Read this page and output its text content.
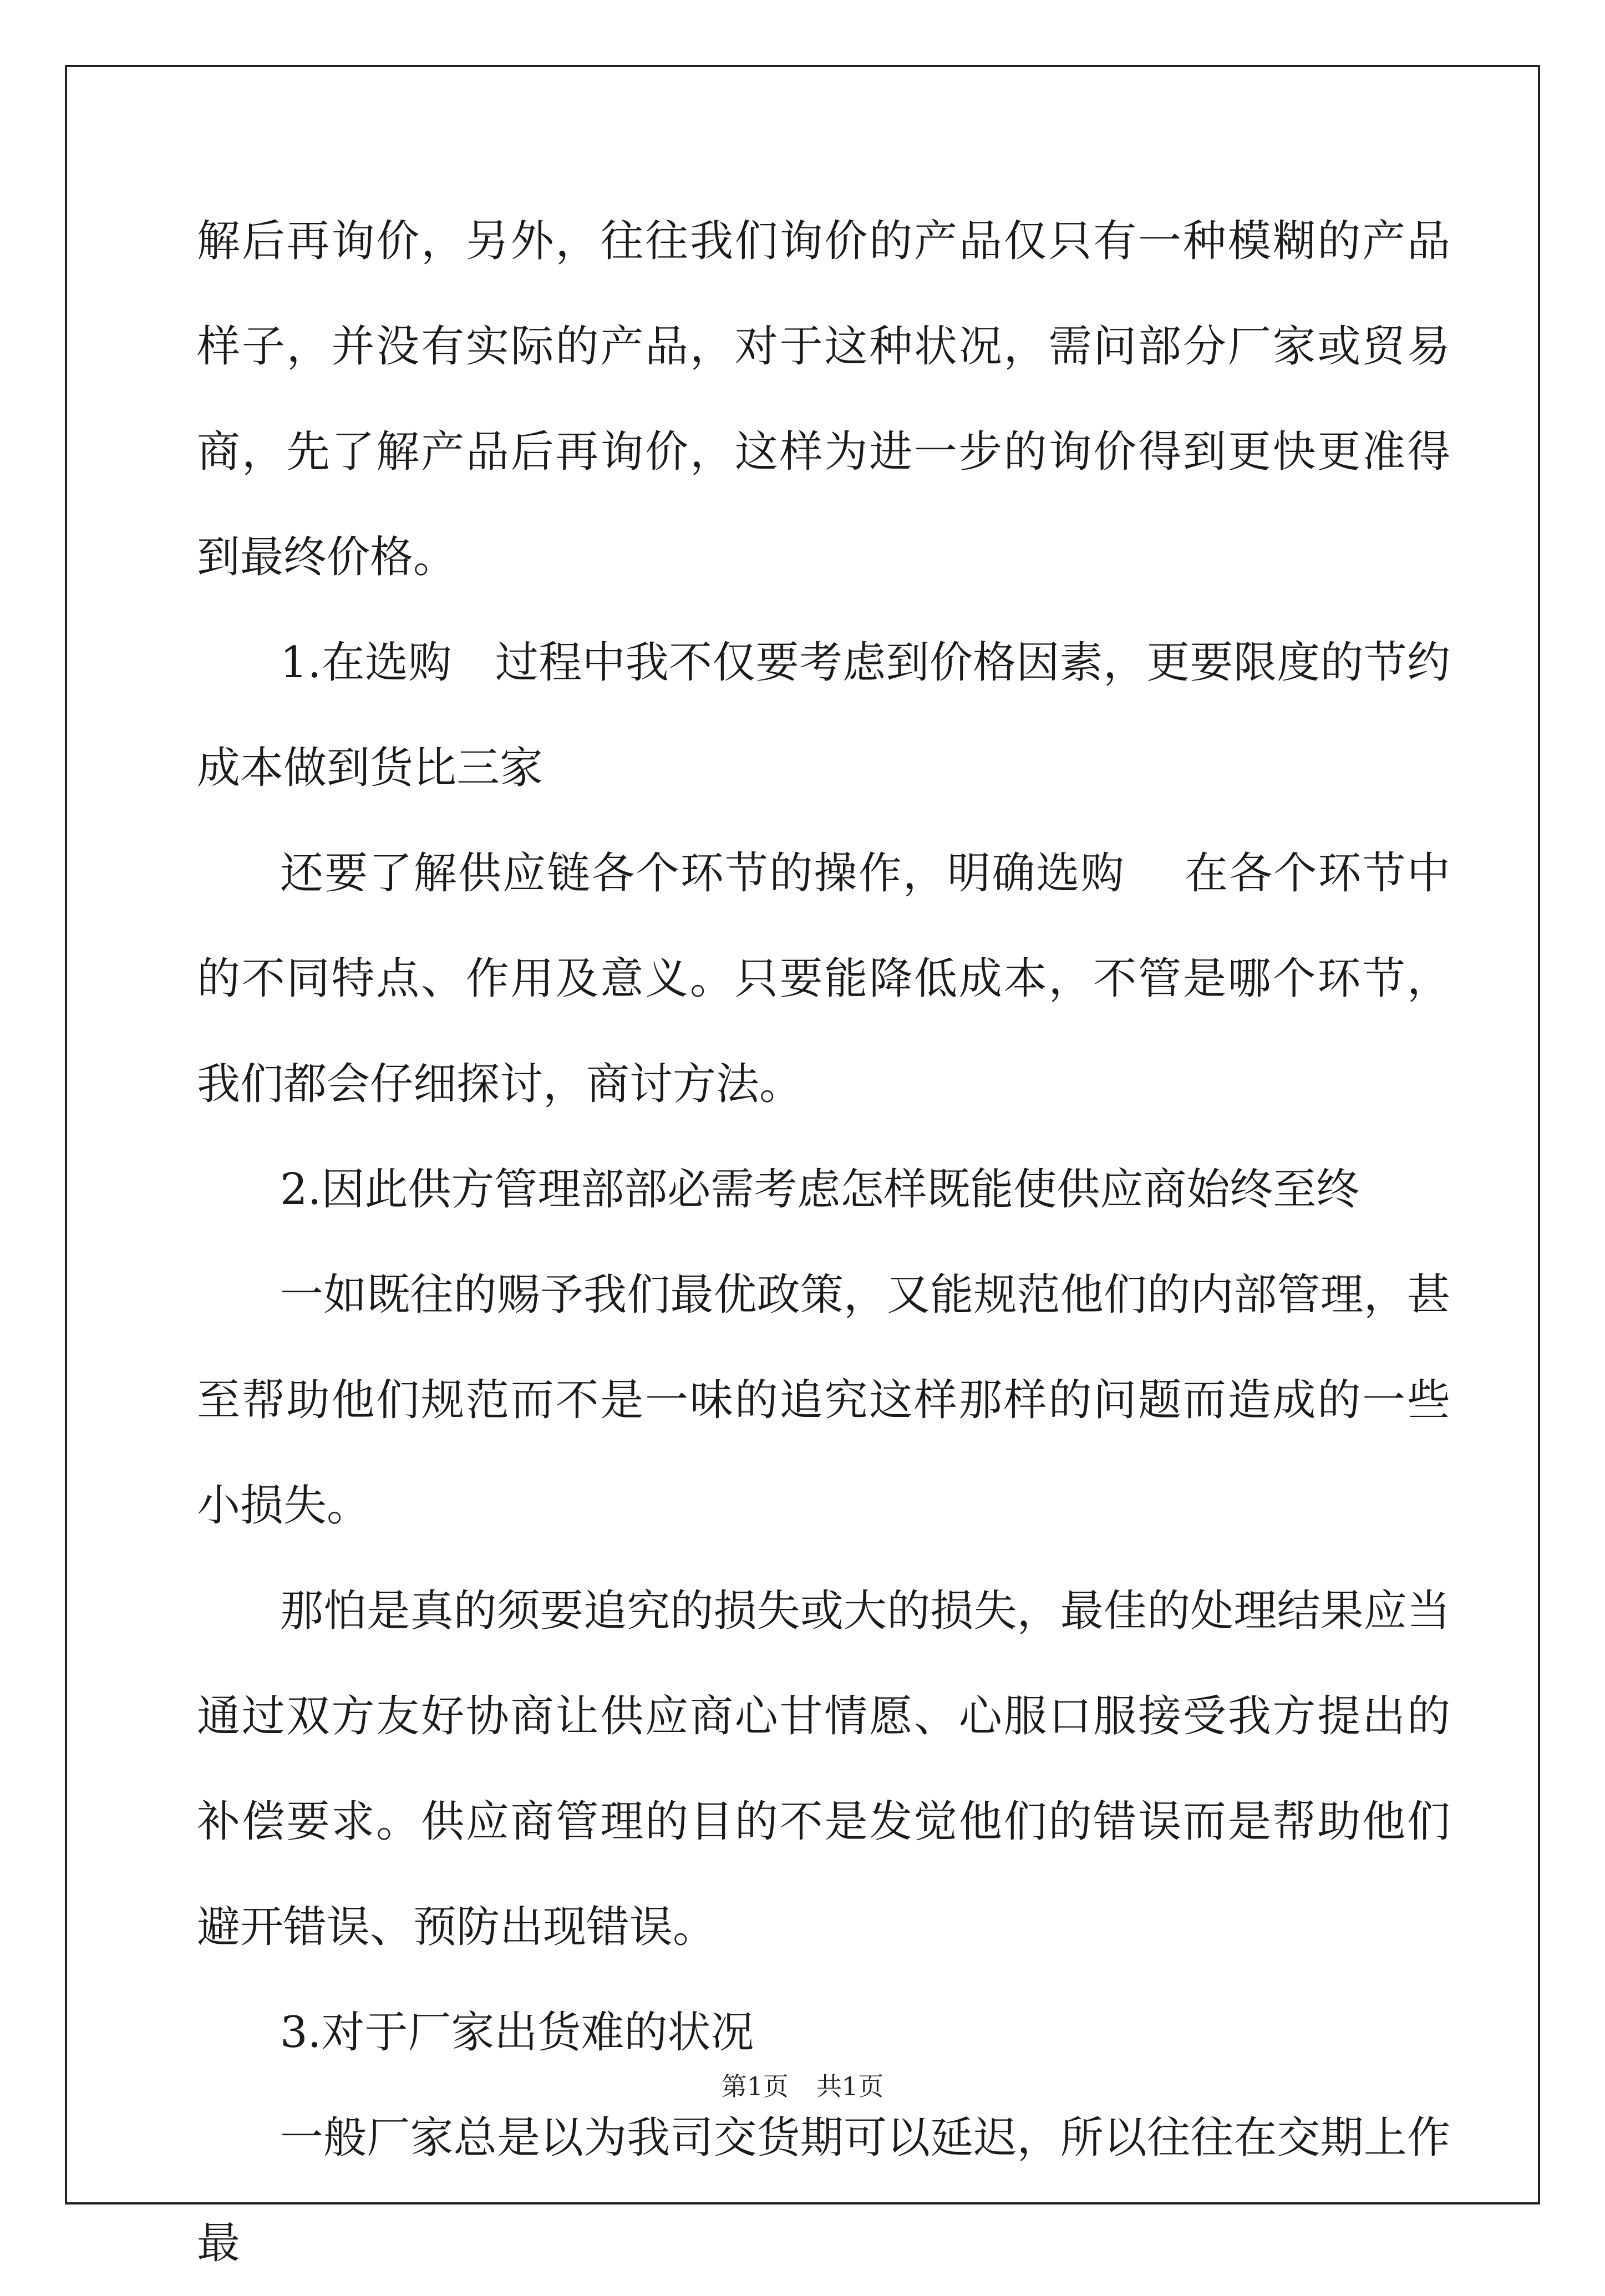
解后再询价，另外，往往我们询价的产品仅只有一种模糊的产品样子，并没有实际的产品，对于这种状况，需问部分厂家或贸易商，先了解产品后再询价，这样为进一步的询价得到更快更准得到最终价格。

1.在选购　过程中我不仅要考虑到价格因素，更要限度的节约成本做到货比三家

还要了解供应链各个环节的操作，明确选购　 在各个环节中的不同特点、作用及意义。只要能降低成本，不管是哪个环节，我们都会仔细探讨，商讨方法。

2.因此供方管理部部必需考虑怎样既能使供应商始终至终

一如既往的赐予我们最优政策，又能规范他们的内部管理，甚至帮助他们规范而不是一味的追究这样那样的问题而造成的一些小损失。

那怕是真的须要追究的损失或大的损失，最佳的处理结果应当通过双方友好协商让供应商心甘情愿、心服口服接受我方提出的补偿要求。供应商管理的目的不是发觉他们的错误而是帮助他们避开错误、预防出现错误。

3.对于厂家出货难的状况

一般厂家总是以为我司交货期可以延迟，所以往往在交期上作最

第1页 共1页
